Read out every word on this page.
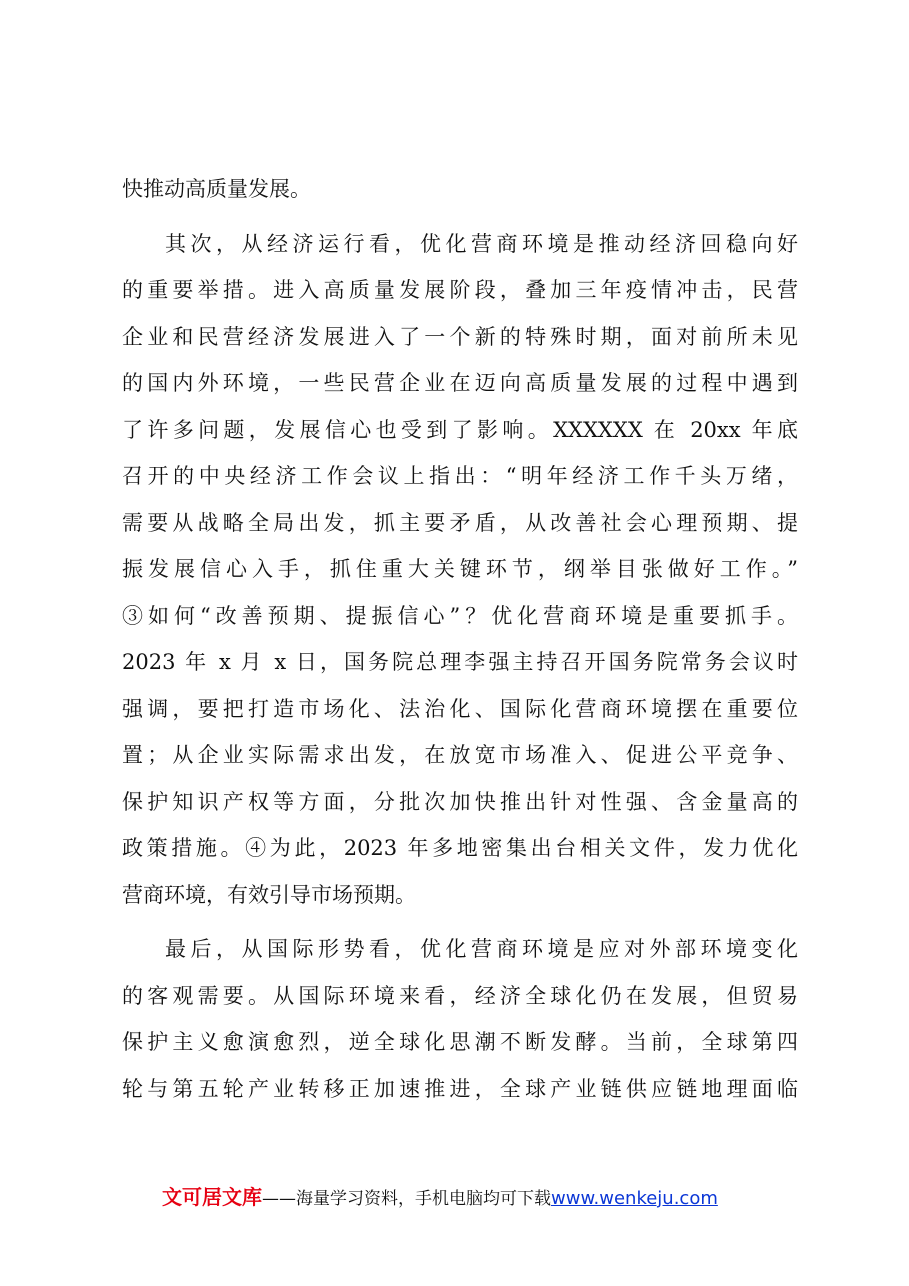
快推动高质量发展。
其次，从经济运行看，优化营商环境是推动经济回稳向好
的重要举措。进入高质量发展阶段，叠加三年疫情冲击，民营
企业和民营经济发展进入了一个新的特殊时期，面对前所未见
的国内外环境，一些民营企业在迈向高质量发展的过程中遇到
了许多问题，发展信心也受到了影响。XXXXXX 在 20xx 年底
召开的中央经济工作会议上指出：“明年经济工作千头万绪，
需要从战略全局出发，抓主要矛盾，从改善社会心理预期、提
振发展信心入手，抓住重大关键环节，纲举目张做好工作。”
③如何“改善预期、提振信心”？优化营商环境是重要抓手。
2023 年 x 月 x 日，国务院总理李强主持召开国务院常务会议时
强调，要把打造市场化、法治化、国际化营商环境摆在重要位
置；从企业实际需求出发，在放宽市场准入、促进公平竞争、
保护知识产权等方面，分批次加快推出针对性强、含金量高的
政策措施。④为此，2023 年多地密集出台相关文件，发力优化
营商环境，有效引导市场预期。
最后，从国际形势看，优化营商环境是应对外部环境变化
的客观需要。从国际环境来看，经济全球化仍在发展，但贸易
保护主义愈演愈烈，逆全球化思潮不断发酵。当前，全球第四
轮与第五轮产业转移正加速推进，全球产业链供应链地理面临
文可居文库——海量学习资料，手机电脑均可下载www.wenkeju.com
